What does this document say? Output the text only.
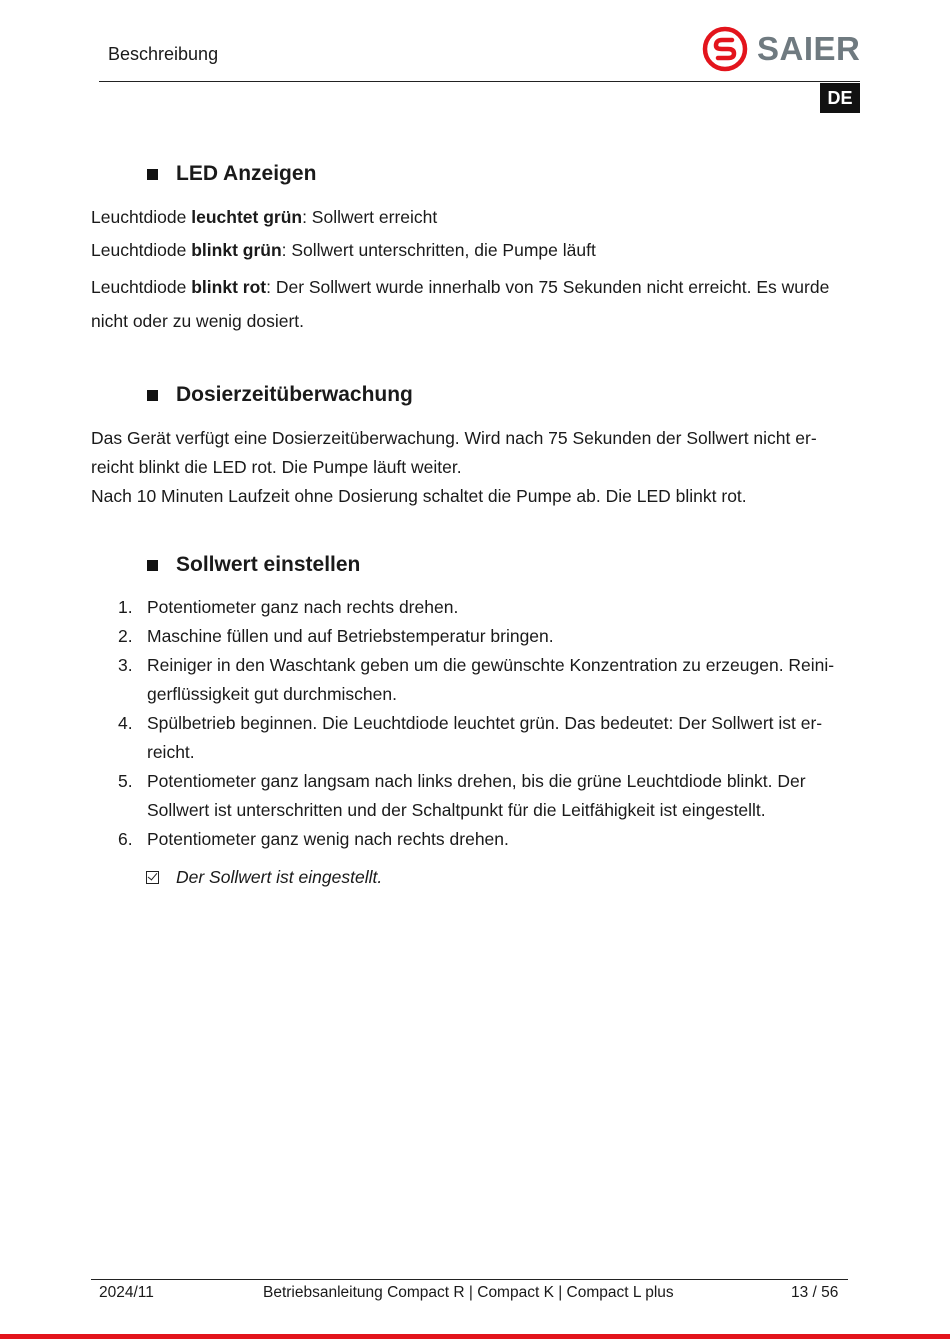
Beschreibung	SAIER
DE
LED Anzeigen
Leuchtdiode leuchtet grün: Sollwert erreicht
Leuchtdiode blinkt grün: Sollwert unterschritten, die Pumpe läuft
Leuchtdiode blinkt rot: Der Sollwert wurde innerhalb von 75 Sekunden nicht erreicht. Es wurde nicht oder zu wenig dosiert.
Dosierzeitüberwachung
Das Gerät verfügt eine Dosierzeitüberwachung. Wird nach 75 Sekunden der Sollwert nicht er-reicht blinkt die LED rot. Die Pumpe läuft weiter.
Nach 10 Minuten Laufzeit ohne Dosierung schaltet die Pumpe ab. Die LED blinkt rot.
Sollwert einstellen
1. Potentiometer ganz nach rechts drehen.
2. Maschine füllen und auf Betriebstemperatur bringen.
3. Reiniger in den Waschtank geben um die gewünschte Konzentration zu erzeugen. Reini-gerflüssigkeit gut durchmischen.
4. Spülbetrieb beginnen. Die Leuchtdiode leuchtet grün. Das bedeutet: Der Sollwert ist er-reicht.
5. Potentiometer ganz langsam nach links drehen, bis die grüne Leuchtdiode blinkt. Der Sollwert ist unterschritten und der Schaltpunkt für die Leitfähigkeit ist eingestellt.
6. Potentiometer ganz wenig nach rechts drehen.
Der Sollwert ist eingestellt.
2024/11	Betriebsanleitung Compact R | Compact K | Compact L plus	13 / 56
